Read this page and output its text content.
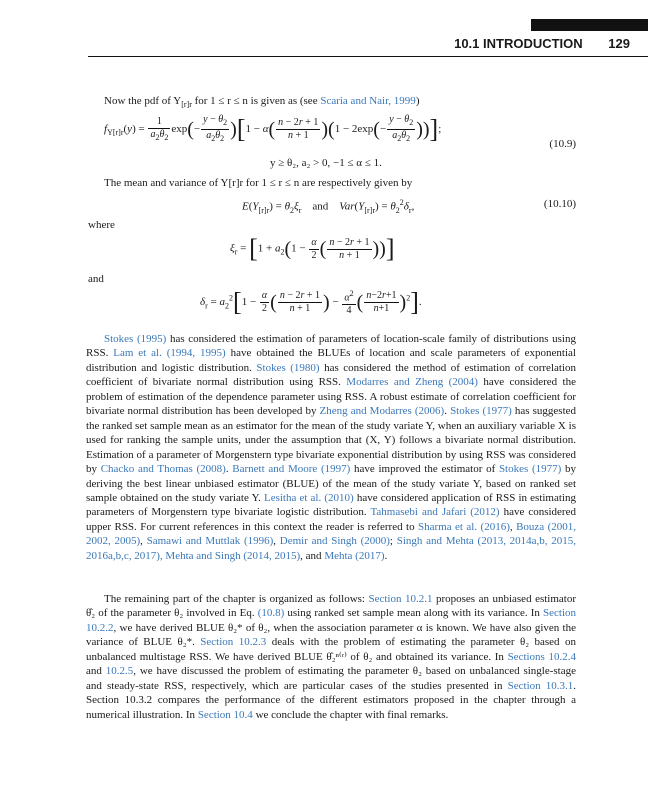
10.1 INTRODUCTION 129
Now the pdf of $Y_{[r]r}$ for 1 ≤ r ≤ n is given as (see Scaria and Nair, 1999)
$f_{Y[r]r}(y) = \frac{1}{a_2\theta_2} \exp(- \frac{y - \theta_2}{a_2\theta_2} )[1 - \alpha( \frac{n - 2r + 1}{n + 1} )(1 - 2\exp(- \frac{y - \theta_2}{a_2\theta_2}$ ))];
(10.9)
y ≥ θ₂, a₂ > 0, −1 ≤ α ≤ 1.
The mean and variance of Y[r]r for 1 ≤ r ≤ n are respectively given by
$E(Y_{[r]r}) = \theta_2\xi_r$ and $Var(Y_{[r]r}) = \theta_2^2\delta_r$,	(10.10)
where
$\xi_r = [1 + a_2(1 - \frac{\alpha}{2}$ ( $\frac{n - 2r + 1}{n + 1}$ ))]
and
$\delta_r = a_2^2[1 - \frac{\alpha}{2}$ ( $\frac{n - 2r + 1}{n + 1}$ ) − $\frac{\alpha^2}{4}$ ( $\frac{n-2r+1}{n+1} )^2$].
Stokes (1995) has considered the estimation of parameters of location-scale family of distributions using RSS. Lam et al. (1994, 1995) have obtained the BLUEs of location and scale parameters of exponential distribution and logistic distribution. Stokes (1980) has considered the method of estimation of correlation coefficient of bivariate normal distribution using RSS. Modarres and Zheng (2004) have considered the problem of estimation of the dependence parameter using RSS. A robust estimate of correlation coefficient for bivariate normal distribution has been developed by Zheng and Modarres (2006). Stokes (1977) has suggested the ranked set sample mean as an estimator for the mean of the study variate Y, when an auxiliary variable X is used for ranking the sample units, under the assumption that (X, Y) follows a bivariate normal distribution. Estimation of a parameter of Morgenstern type bivariate exponential distribution by using RSS was considered by Chacko and Thomas (2008). Barnett and Moore (1997) have improved the estimator of Stokes (1977) by deriving the best linear unbiased estimator (BLUE) of the mean of the study variate Y, based on ranked set sample obtained on the study variate Y. Lesitha et al. (2010) have considered application of RSS in estimating parameters of Morgenstern type bivariate logistic distribution. Tahmasebi and Jafari (2012) have considered upper RSS. For current references in this context the reader is referred to Sharma et al. (2016), Bouza (2001, 2002, 2005), Samawi and Muttlak (1996), Demir and Singh (2000); Singh and Mehta (2013, 2014a,b, 2015, 2016a,b,c, 2017), Mehta and Singh (2014, 2015), and Mehta (2017).
The remaining part of the chapter is organized as follows: Section 10.2.1 proposes an unbiased estimator θ̂₂ of the parameter θ₂ involved in Eq. (10.8) using ranked set sample mean along with its variance. In Section 10.2.2, we have derived BLUE θ₂* of θ₂, when the association parameter α is known. We have also given the variance of BLUE θ₂*. Section 10.2.3 deals with the problem of estimating the parameter θ₂ based on unbalanced multistage RSS. We have derived BLUE θ̂₂ⁿ⁽ʳ⁾ of θ₂ and obtained its variance. In Sections 10.2.4 and 10.2.5, we have discussed the problem of estimating the parameter θ₂ based on unbalanced single-stage and steady-state RSS, respectively, which are particular cases of the studies presented in Section 10.3.1. Section 10.3.2 compares the performance of the different estimators proposed in the chapter through a numerical illustration. In Section 10.4 we conclude the chapter with final remarks.
